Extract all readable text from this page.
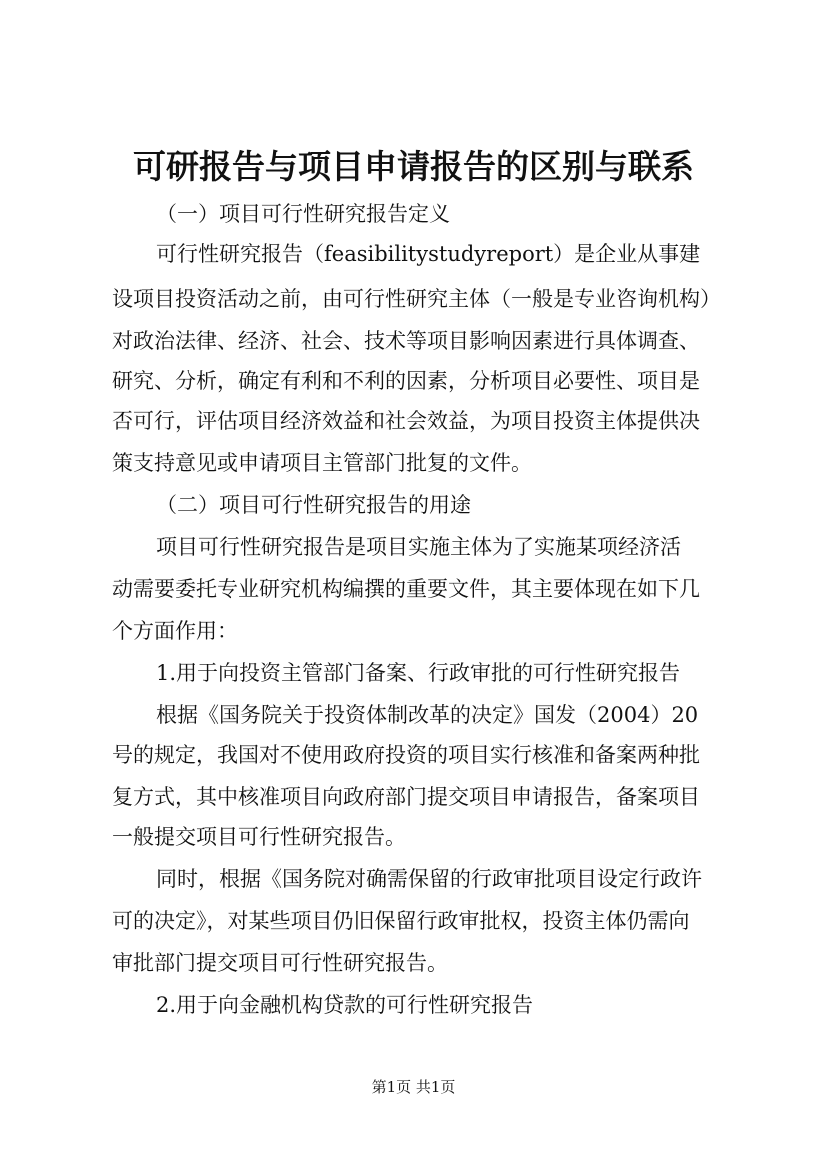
可研报告与项目申请报告的区别与联系
（一）项目可行性研究报告定义
可行性研究报告（feasibilitystudyreport）是企业从事建
设项目投资活动之前，由可行性研究主体（一般是专业咨询机构）
对政治法律、经济、社会、技术等项目影响因素进行具体调查、
研究、分析，确定有利和不利的因素，分析项目必要性、项目是
否可行，评估项目经济效益和社会效益，为项目投资主体提供决
策支持意见或申请项目主管部门批复的文件。
（二）项目可行性研究报告的用途
项目可行性研究报告是项目实施主体为了实施某项经济活
动需要委托专业研究机构编撰的重要文件，其主要体现在如下几
个方面作用：
1.用于向投资主管部门备案、行政审批的可行性研究报告
根据《国务院关于投资体制改革的决定》国发（2004）20
号的规定，我国对不使用政府投资的项目实行核准和备案两种批
复方式，其中核准项目向政府部门提交项目申请报告，备案项目
一般提交项目可行性研究报告。
同时，根据《国务院对确需保留的行政审批项目设定行政许
可的决定》，对某些项目仍旧保留行政审批权，投资主体仍需向
审批部门提交项目可行性研究报告。
2.用于向金融机构贷款的可行性研究报告
第1页 共1页
